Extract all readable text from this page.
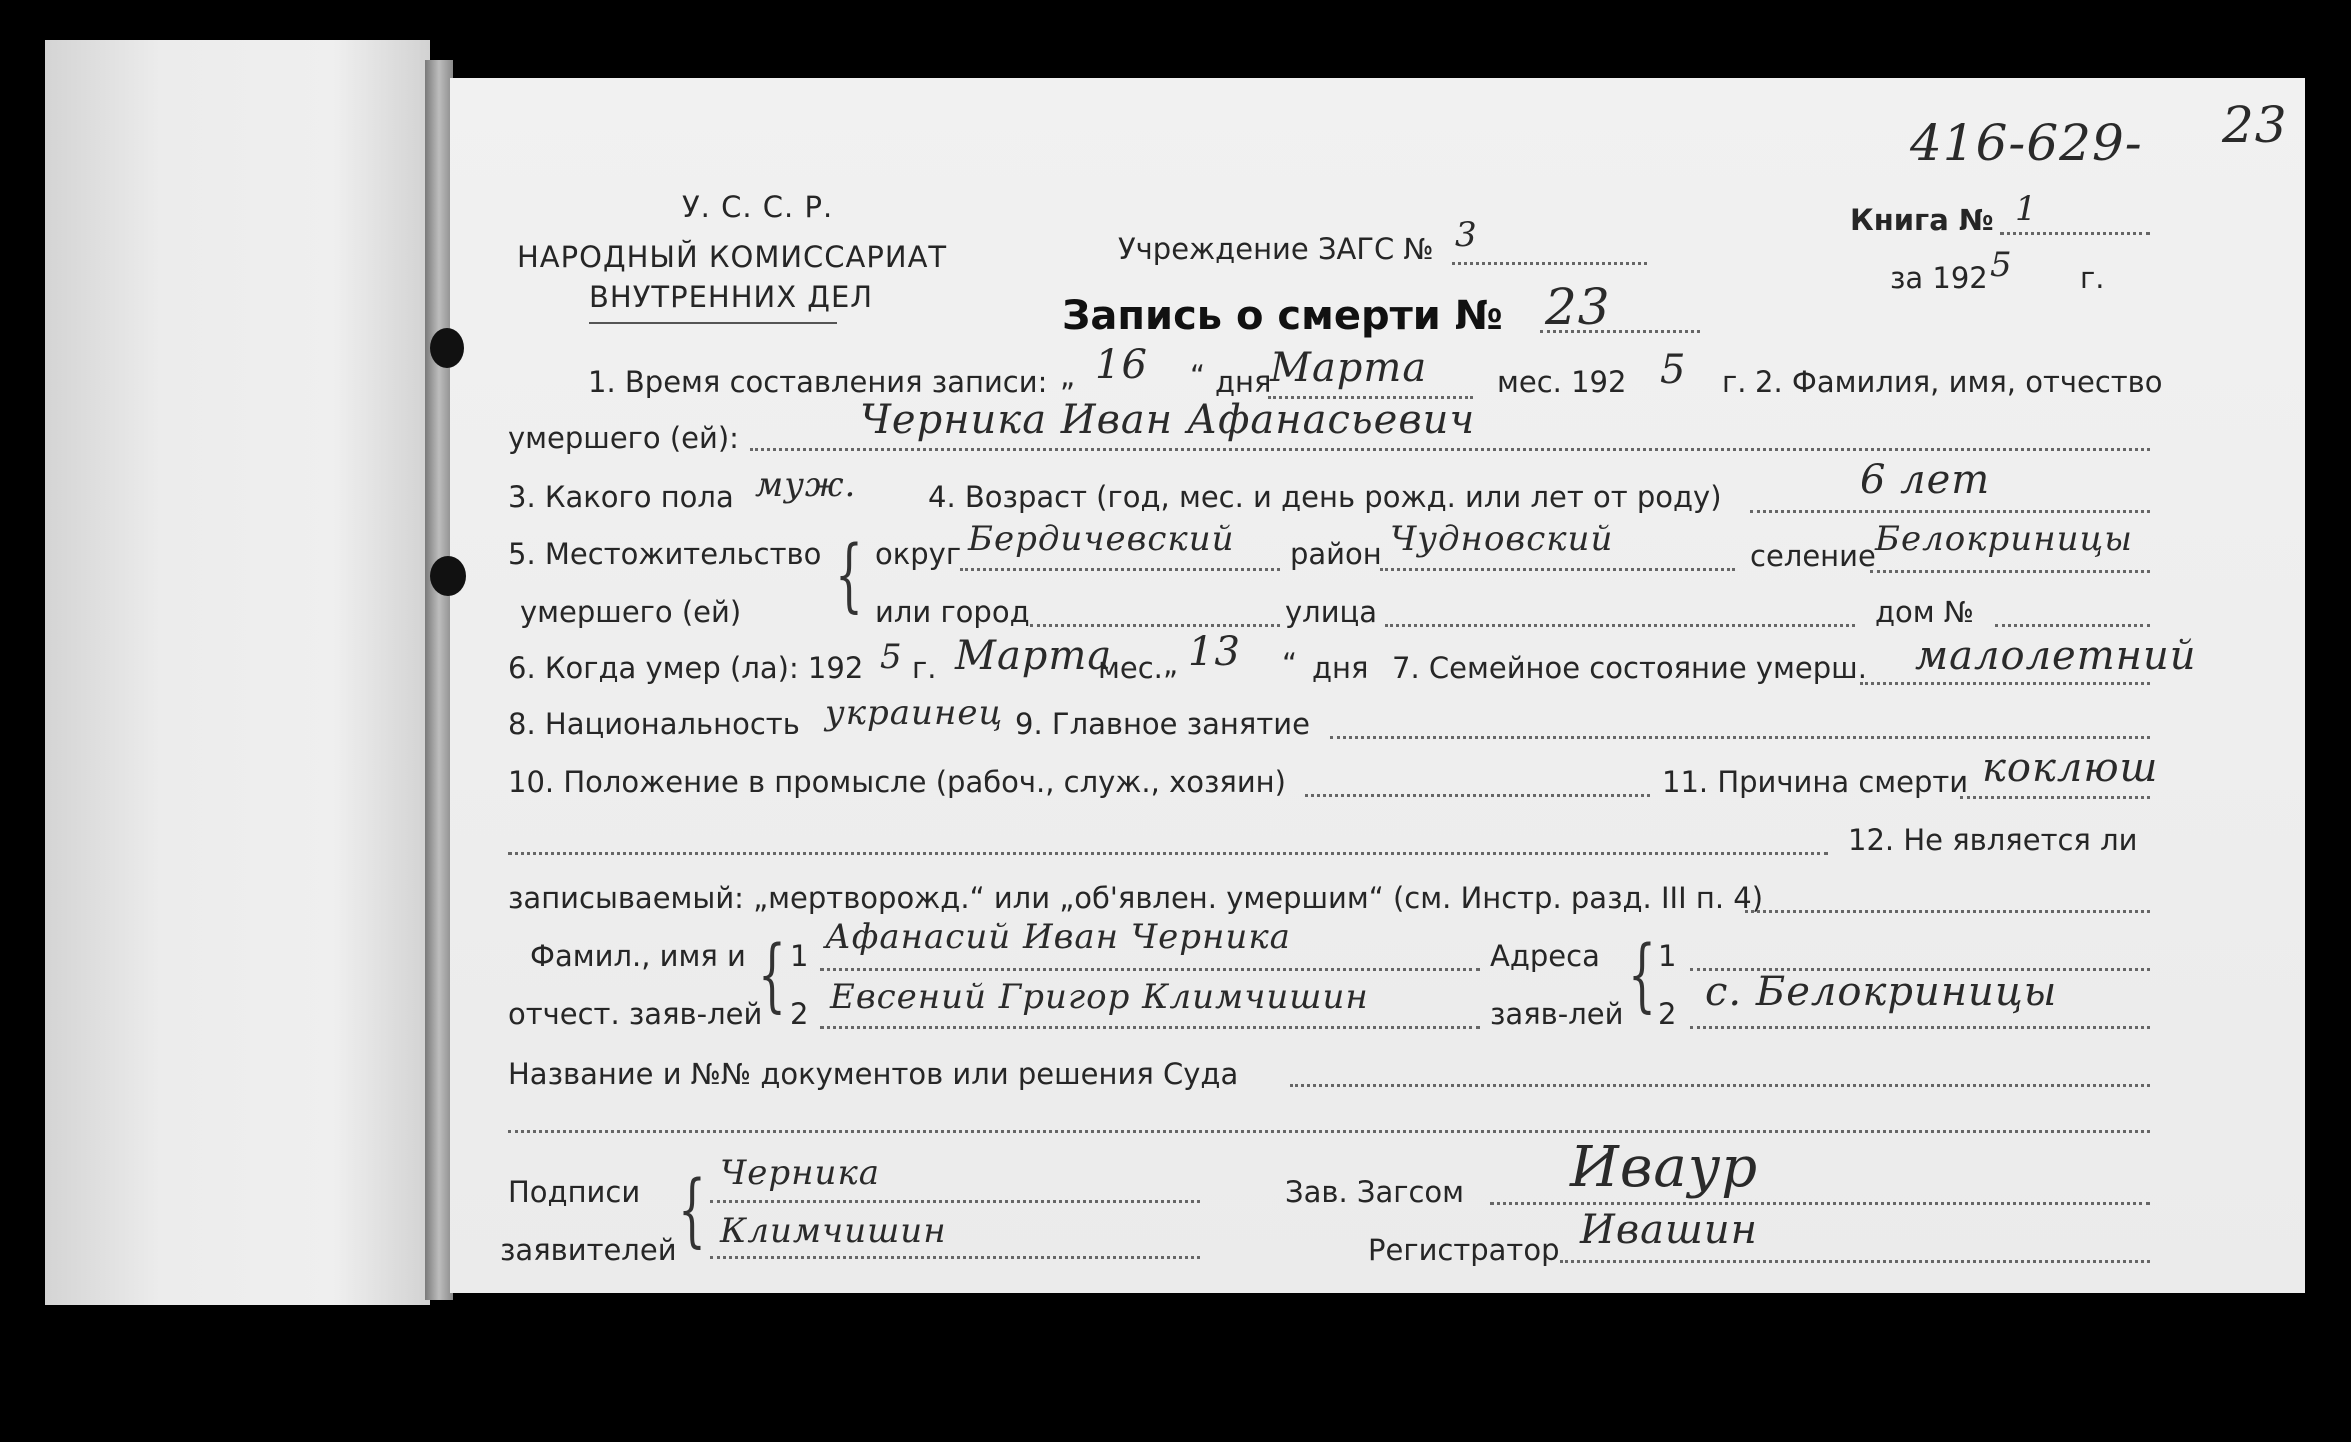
У. С. С. Р.
НАРОДНЫЙ КОМИССАРИАТ
ВНУТРЕННИХ ДЕЛ
Учреждение ЗАГС № 3
416-629- 23
Книга № 1
за 192 5 г.
Запись о смерти № 23
1. Время составления записи: „ 16 “ дня
Марта мес. 192 5 г. 2. Фамилия, имя, отчество
умершего (ей):	Черника Иван Афанасьевич
3. Какого пола муж. 4. Возраст (год, мес. и день рожд. или лет от роду)	6 лет
5. Местожительство
умершего (ей) { округ Бердичевский район Чудновский	селение Белокриницы
или город	улица	дом №
6. Когда умер (ла): 192 5 г. Марта
мес. „ 13 “ дня 7. Семейное состояние умерш. малолетний
8. Национальность украинец 9. Главное занятие
10. Положение в промысле (рабоч., служ., хозяин)	11. Причина смерти коклюш
12. Не является ли
записываемый: „мертворожд.“ или „об'явлен. умершим“ (см. Инстр. разд. III п. 4)
Фамил., имя и
отчест. заяв-лей
{ 1 Афанасий Иван Черника
2 Евсений Григор Климчишин
Адреса
заяв-лей { 1
2 с. Белокриницы
Название и №№ документов или решения Суда
Подписи
заявителей { Черника
Климчишин
Зав. Загсом Иваур
Регистратор Ивашин
